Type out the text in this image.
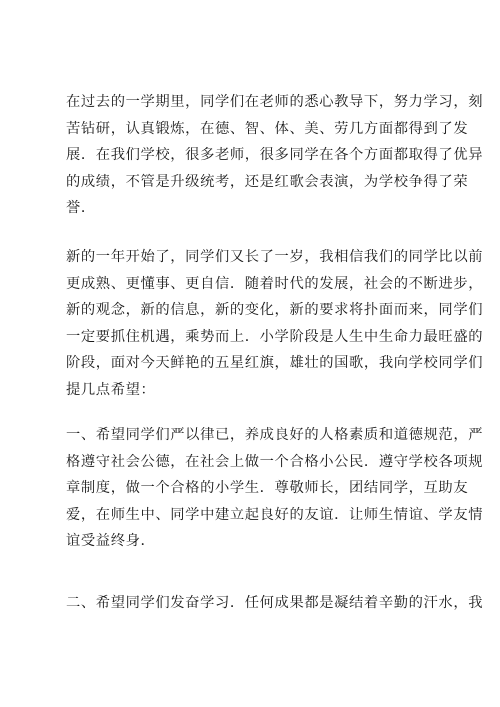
在过去的一学期里，同学们在老师的悉心教导下，努力学习，刻
苦钻研，认真锻炼，在德、智、体、美、劳几方面都得到了发
展．在我们学校，很多老师，很多同学在各个方面都取得了优异
的成绩，不管是升级统考，还是红歌会表演，为学校争得了荣
誉．
新的一年开始了，同学们又长了一岁，我相信我们的同学比以前
更成熟、更懂事、更自信．随着时代的发展，社会的不断进步，
新的观念，新的信息，新的变化，新的要求将扑面而来，同学们
一定要抓住机遇，乘势而上．小学阶段是人生中生命力最旺盛的
阶段，面对今天鲜艳的五星红旗，雄壮的国歌，我向学校同学们
提几点希望：
一、希望同学们严以律已，养成良好的人格素质和道德规范，严
格遵守社会公德，在社会上做一个合格小公民．遵守学校各项规
章制度，做一个合格的小学生．尊敬师长，团结同学，互助友
爱，在师生中、同学中建立起良好的友谊．让师生情谊、学友情
谊受益终身．
二、希望同学们发奋学习．任何成果都是凝结着辛勤的汗水，我
